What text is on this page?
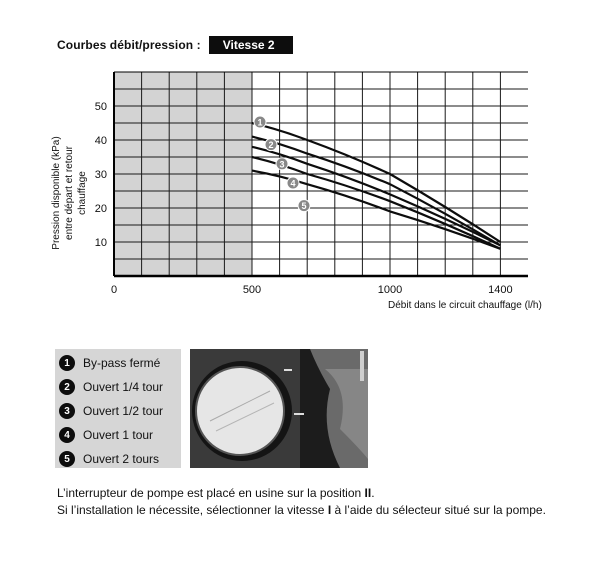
Courbes débit/pression :	Vitesse 2
1
2
3
4
5
10
20
30
40
50
0	500	1000	1400
Pression disponible (kPa) entre départ et retour chauffage
Débit dans le circuit chauffage (l/h)
1	By-pass fermé
2	Ouvert 1/4 tour
3	Ouvert 1/2 tour
4	Ouvert 1 tour
5	Ouvert 2 tours
L’interrupteur de pompe est placé en usine sur la position II.
Si l’installation le nécessite, sélectionner la vitesse I à l’aide du sélecteur situé sur la pompe.
